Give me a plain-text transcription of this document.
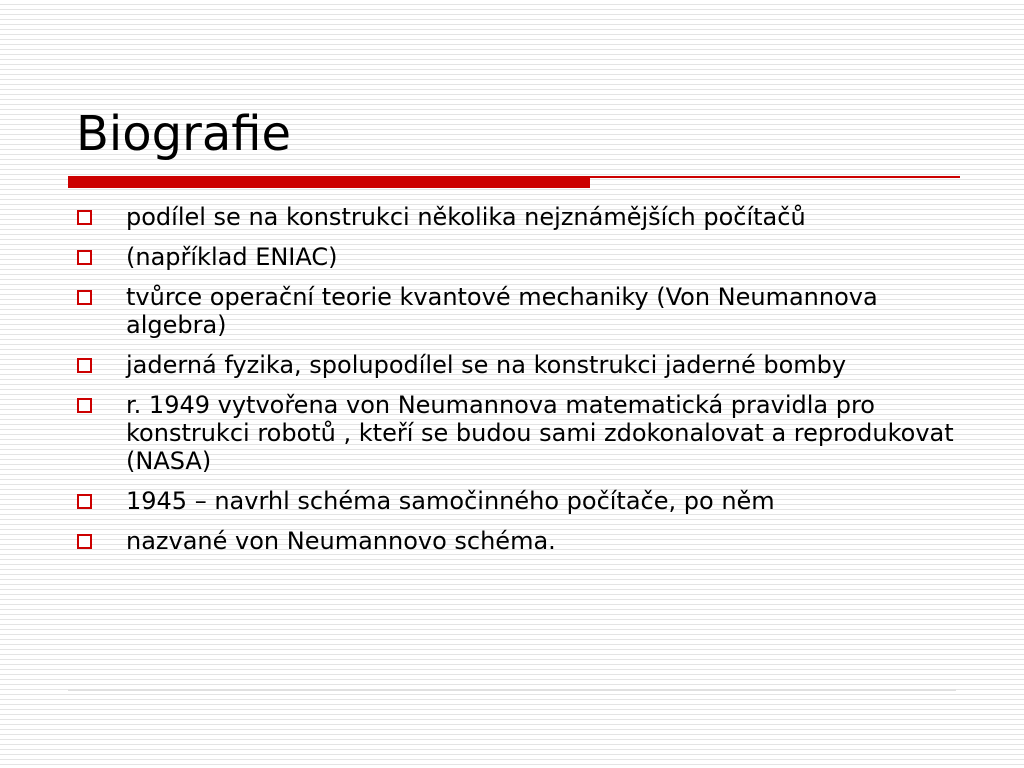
Biografie
podílel se na konstrukci několika nejznámějších počítačů
(například ENIAC)
tvůrce operační teorie kvantové mechaniky (Von Neumannova algebra)
jaderná fyzika, spolupodílel se na konstrukci jaderné bomby
r. 1949 vytvořena von Neumannova matematická pravidla pro konstrukci robotů , kteří se budou sami zdokonalovat a reprodukovat (NASA)
1945 – navrhl schéma samočinného počítače, po něm
nazvané von Neumannovo schéma.
